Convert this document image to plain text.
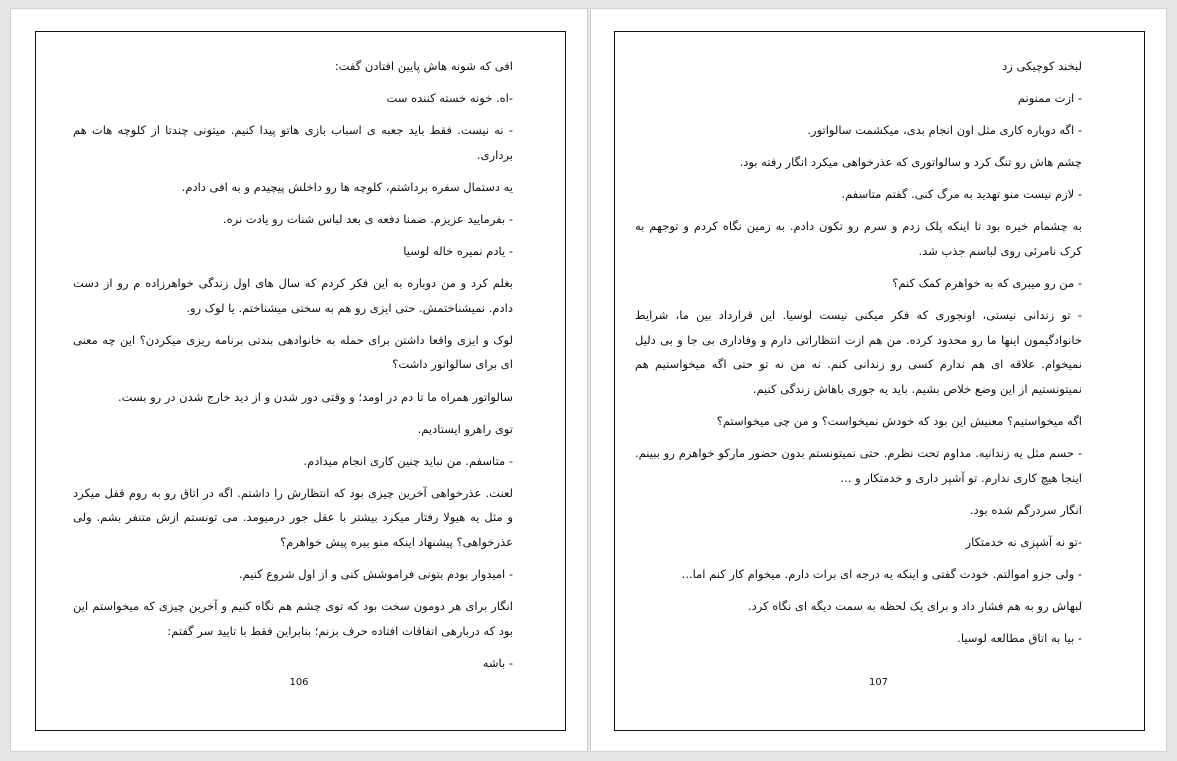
افی که شونه هاش پایین افتادن گفت:

-اه. خونه خسته کننده ست

- نه نیست. فقط باید جعبه ی اسباب بازی هاتو پیدا کنیم. میتونی چندتا از کلوچه هات هم برداری.

یه دستمال سفره برداشتم، کلوچه ها رو داخلش پیچیدم و به افی دادم.

- بفرمایید عزیزم. ضمنا دفعه ی بعد لباس شنات رو یادت نره.

- یادم نمیره خاله لوسیا

بغلم کرد و من دوباره به این فکر کردم که سال های اول زندگی خواهرزاده م رو از دست دادم. نمیشناختمش. حتی ایزی رو هم به سختی میشناختم. یا لوک رو.

لوک و ایزی واقعا داشتن برای حمله به خانوادهی بندتی برنامه ریزی میکردن؟ این چه معنی ای برای سالواتور داشت؟

سالواتور همراه ما تا دم در اومد؛ و وقتی دور شدن و از دید خارج شدن در رو بست.

توی راهرو ایستادیم.

- متاسفم. من نباید چنین کاری انجام میدادم.

لعنت. عذرخواهی آخرین چیزی بود که انتظارش را داشتم. اگه در اتاق رو به روم قفل میکرد و مثل یه هیولا رفتار میکرد بیشتر با عقل جور درمیومد. می تونستم ازش متنفر بشم. ولی عذرخواهی؟ پیشنهاد اینکه منو ببره پیش خواهرم؟

- امیدوار بودم بتونی فراموشش کنی و از اول شروع کنیم.

انگار برای هر دومون سخت بود که توی چشم هم نگاه کنیم و آخرین چیزی که میخواستم این بود که دربارهی اتفاقات افتاده حرف بزنم؛ بنابراین فقط با تایید سر گفتم:

- باشه

106

لبخند کوچیکی زد

- ازت ممنونم

- اگه دوباره کاری مثل اون انجام بدی، میکشمت سالواتور.

چشم هاش رو تنگ کرد و سالواتوری که عذرخواهی میکرد انگار رفته بود.

- لازم نیست منو تهدید به مرگ کنی. گفتم متاسفم.

به چشمام خیره بود تا اینکه پلک زدم و سرم رو تکون دادم. به زمین نگاه کردم و توجهم به کرک نامرئی روی لباسم جذب شد.

- من رو میبری که به خواهرم کمک کنم؟

- تو زندانی نیستی، اونجوری که فکر میکنی نیست لوسیا. این قرارداد بین ما، شرایط خانوادگیمون اینها ما رو محدود کرده. من هم ازت انتظاراتی دارم و وفاداری بی جا و بی دلیل نمیخوام. علاقه ای هم ندارم کسی رو زندانی کنم. نه من نه تو حتی اگه میخواستیم هم نمیتونستیم از این وضع خلاص بشیم. باید یه جوری باهاش زندگی کنیم.

اگه میخواستیم؟ معنیش این بود که خودش نمیخواست؟ و من چی میخواستم؟

- حسم مثل یه زندانیه. مداوم تحت نظرم. حتی نمیتونستم بدون حضور مارکو خواهرم رو ببینم. اینجا هیچ کاری ندارم. تو آشپز داری و خدمتکار و ...

انگار سردرگم شده بود.

-تو نه آشپزی نه خدمتکار

- ولی جزو اموالتم. خودت گفتی و اینکه یه درجه ای برات دارم. میخوام کار کنم اما...

لبهاش رو به هم فشار داد و برای یک لحظه به سمت دیگه ای نگاه کرد.

- بیا به اتاق مطالعه لوسیا.

107
